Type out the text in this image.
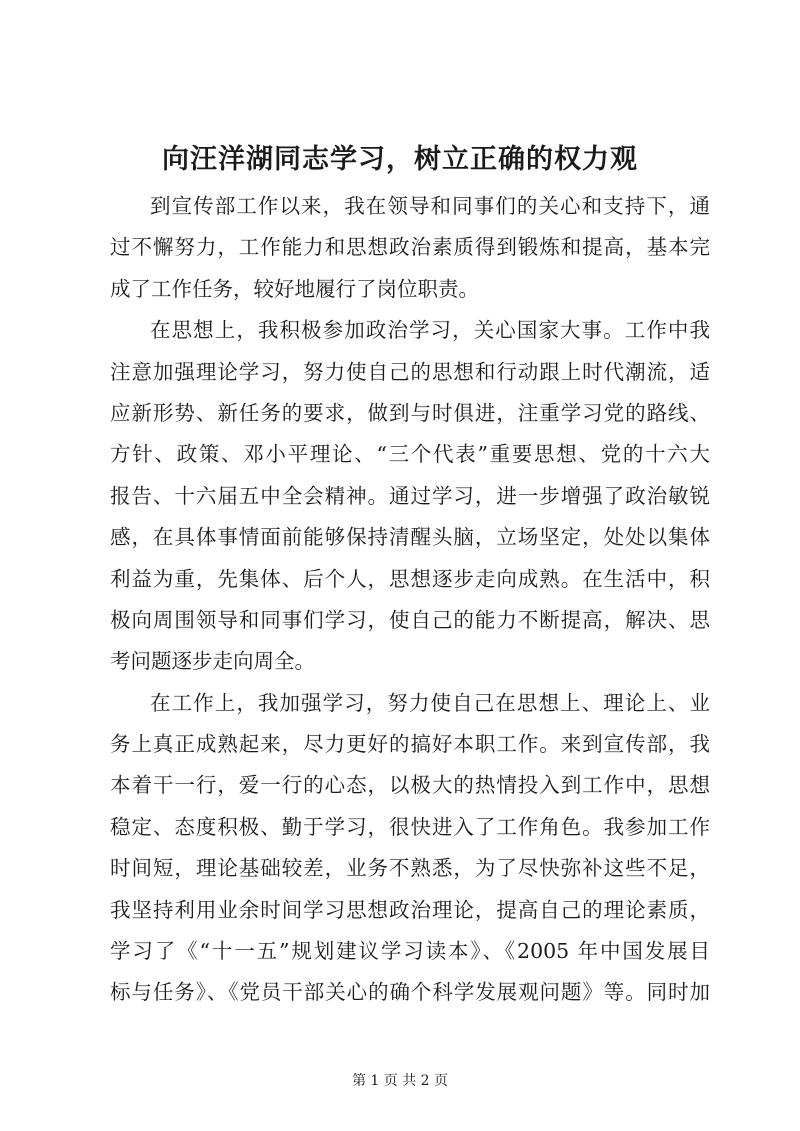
向汪洋湖同志学习，树立正确的权力观
到宣传部工作以来，我在领导和同事们的关心和支持下，通
过不懈努力，工作能力和思想政治素质得到锻炼和提高，基本完
成了工作任务，较好地履行了岗位职责。
在思想上，我积极参加政治学习，关心国家大事。工作中我
注意加强理论学习，努力使自己的思想和行动跟上时代潮流，适
应新形势、新任务的要求，做到与时俱进，注重学习党的路线、
方针、政策、邓小平理论、“三个代表”重要思想、党的十六大
报告、十六届五中全会精神。通过学习，进一步增强了政治敏锐
感，在具体事情面前能够保持清醒头脑，立场坚定，处处以集体
利益为重，先集体、后个人，思想逐步走向成熟。在生活中，积
极向周围领导和同事们学习，使自己的能力不断提高，解决、思
考问题逐步走向周全。
在工作上，我加强学习，努力使自己在思想上、理论上、业
务上真正成熟起来，尽力更好的搞好本职工作。来到宣传部，我
本着干一行，爱一行的心态，以极大的热情投入到工作中，思想
稳定、态度积极、勤于学习，很快进入了工作角色。我参加工作
时间短，理论基础较差，业务不熟悉，为了尽快弥补这些不足，
我坚持利用业余时间学习思想政治理论，提高自己的理论素质，
学习了《“十一五”规划建议学习读本》、《2005 年中国发展目
标与任务》、《党员干部关心的确个科学发展观问题》等。同时加
第 1 页 共 2 页
